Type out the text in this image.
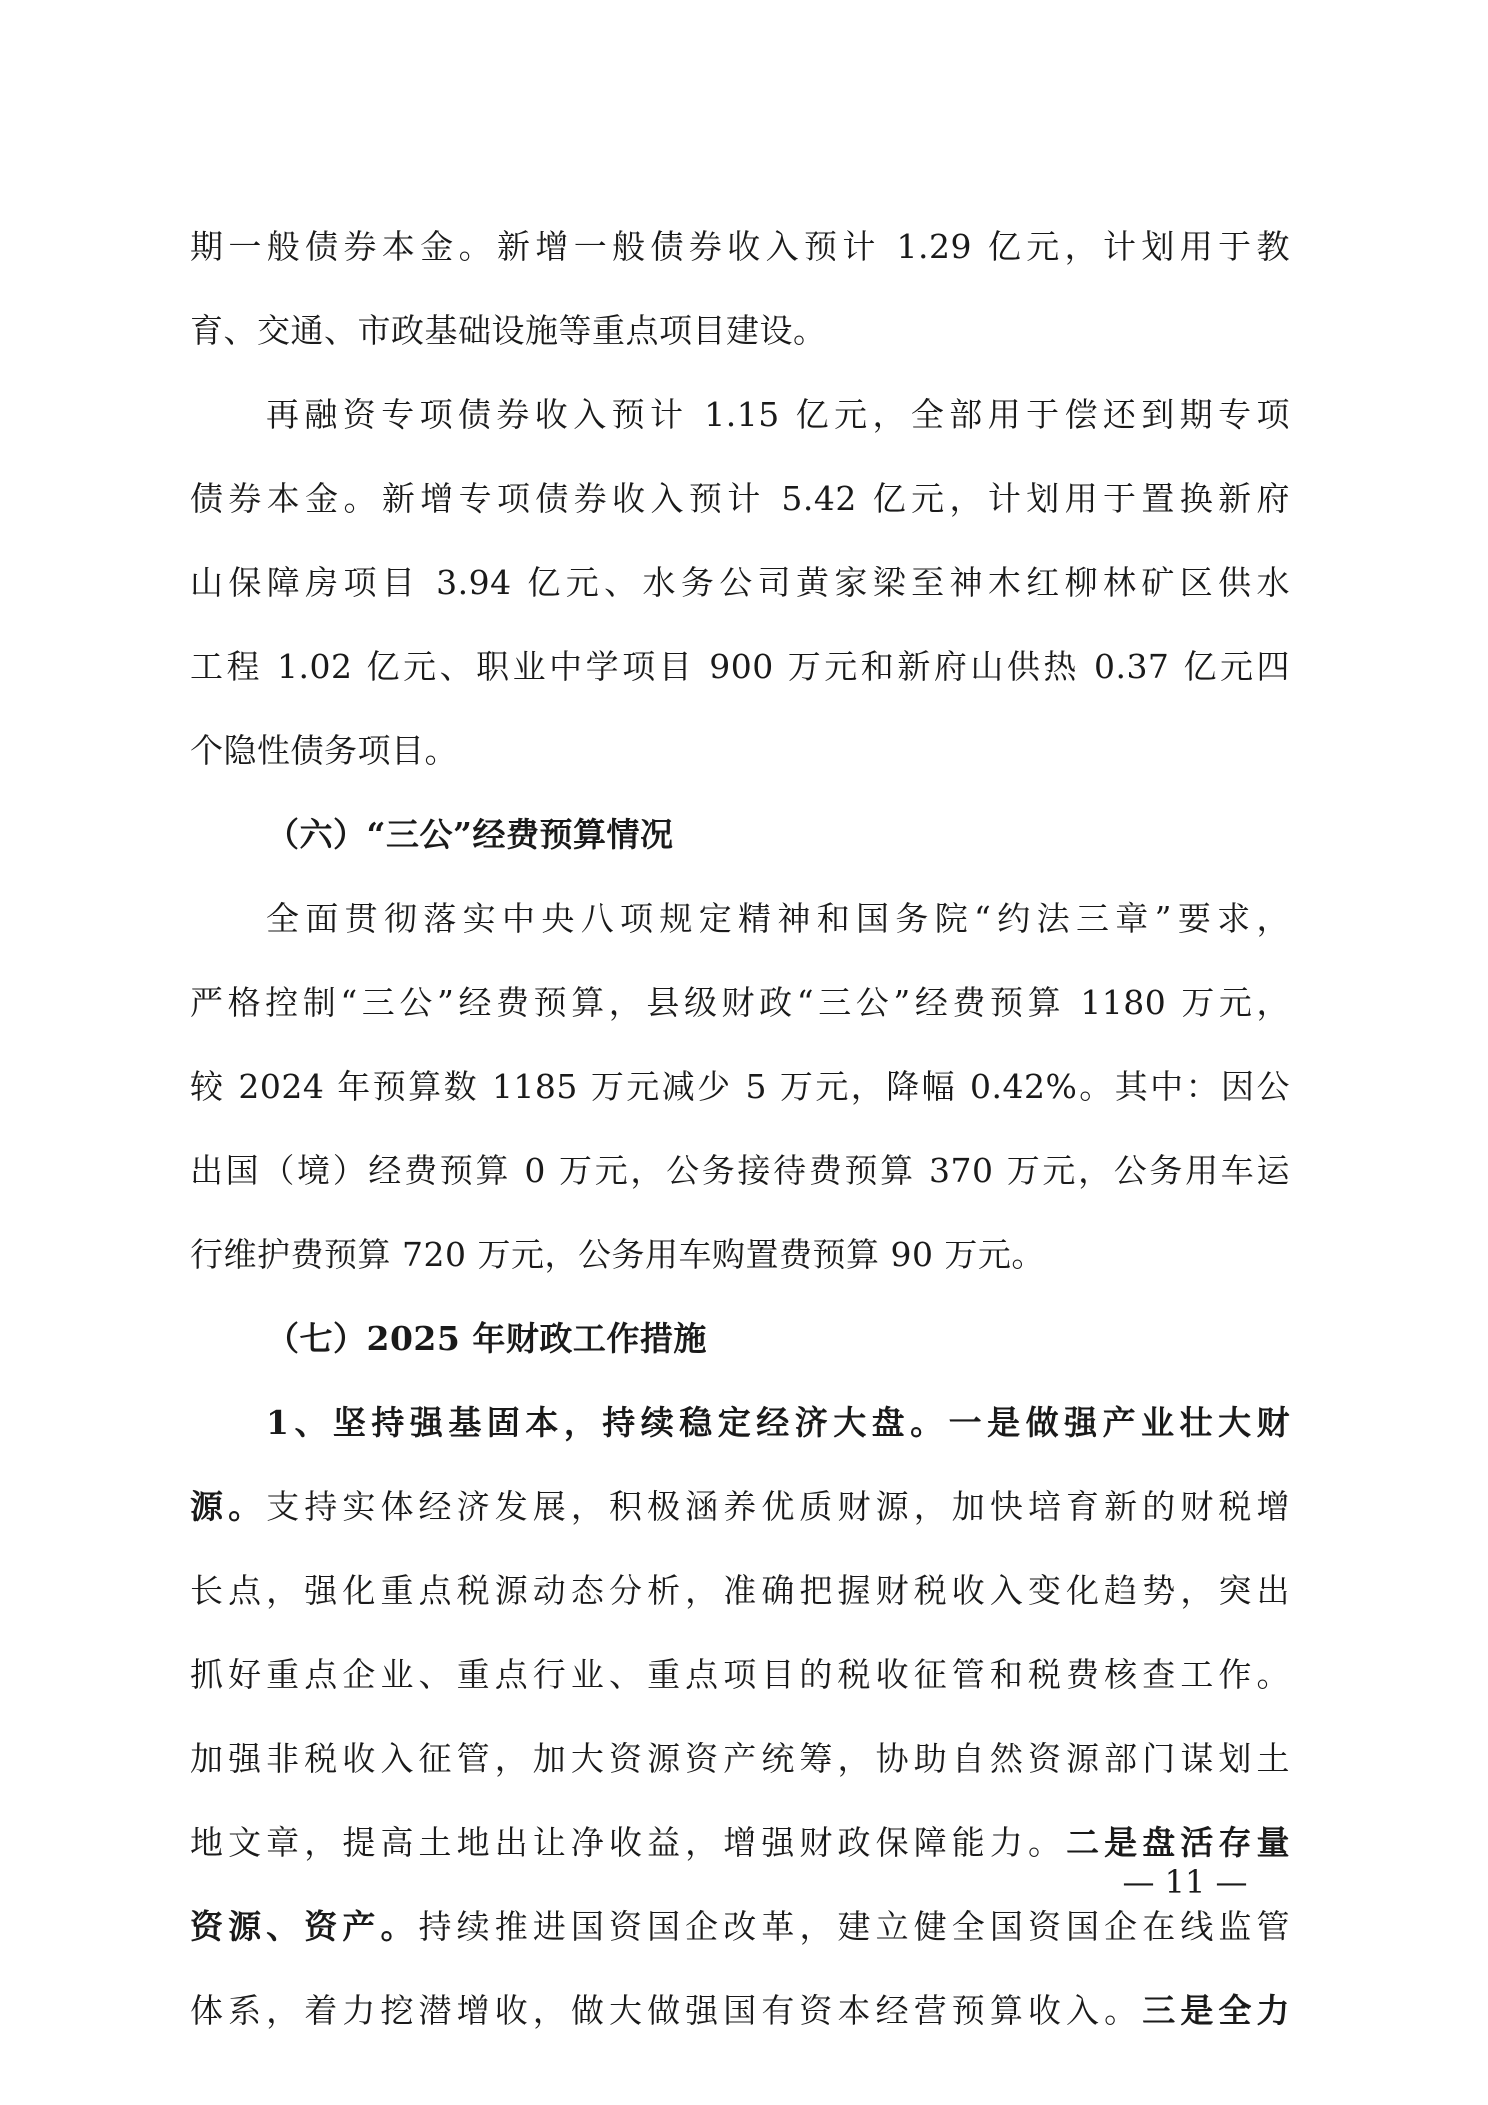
期一般债券本金。新增一般债券收入预计 1.29 亿元，计划用于教
育、交通、市政基础设施等重点项目建设。
再融资专项债券收入预计 1.15 亿元，全部用于偿还到期专项
债券本金。新增专项债券收入预计 5.42 亿元，计划用于置换新府
山保障房项目 3.94 亿元、水务公司黄家梁至神木红柳林矿区供水
工程 1.02 亿元、职业中学项目 900 万元和新府山供热 0.37 亿元四
个隐性债务项目。
（六）“三公”经费预算情况
全面贯彻落实中央八项规定精神和国务院“约法三章”要求，
严格控制“三公”经费预算，县级财政“三公”经费预算 1180 万元，
较 2024 年预算数 1185 万元减少 5 万元，降幅 0.42%。其中：因公
出国（境）经费预算 0 万元，公务接待费预算 370 万元，公务用车运
行维护费预算 720 万元，公务用车购置费预算 90 万元。
（七）2025 年财政工作措施
1、坚持强基固本，持续稳定经济大盘。一是做强产业壮大财
源。支持实体经济发展，积极涵养优质财源，加快培育新的财税增
长点，强化重点税源动态分析，准确把握财税收入变化趋势，突出
抓好重点企业、重点行业、重点项目的税收征管和税费核查工作。
加强非税收入征管，加大资源资产统筹，协助自然资源部门谋划土
地文章，提高土地出让净收益，增强财政保障能力。二是盘活存量
资源、资产。持续推进国资国企改革，建立健全国资国企在线监管
体系，着力挖潜增收，做大做强国有资本经营预算收入。三是全力
— 11 —
